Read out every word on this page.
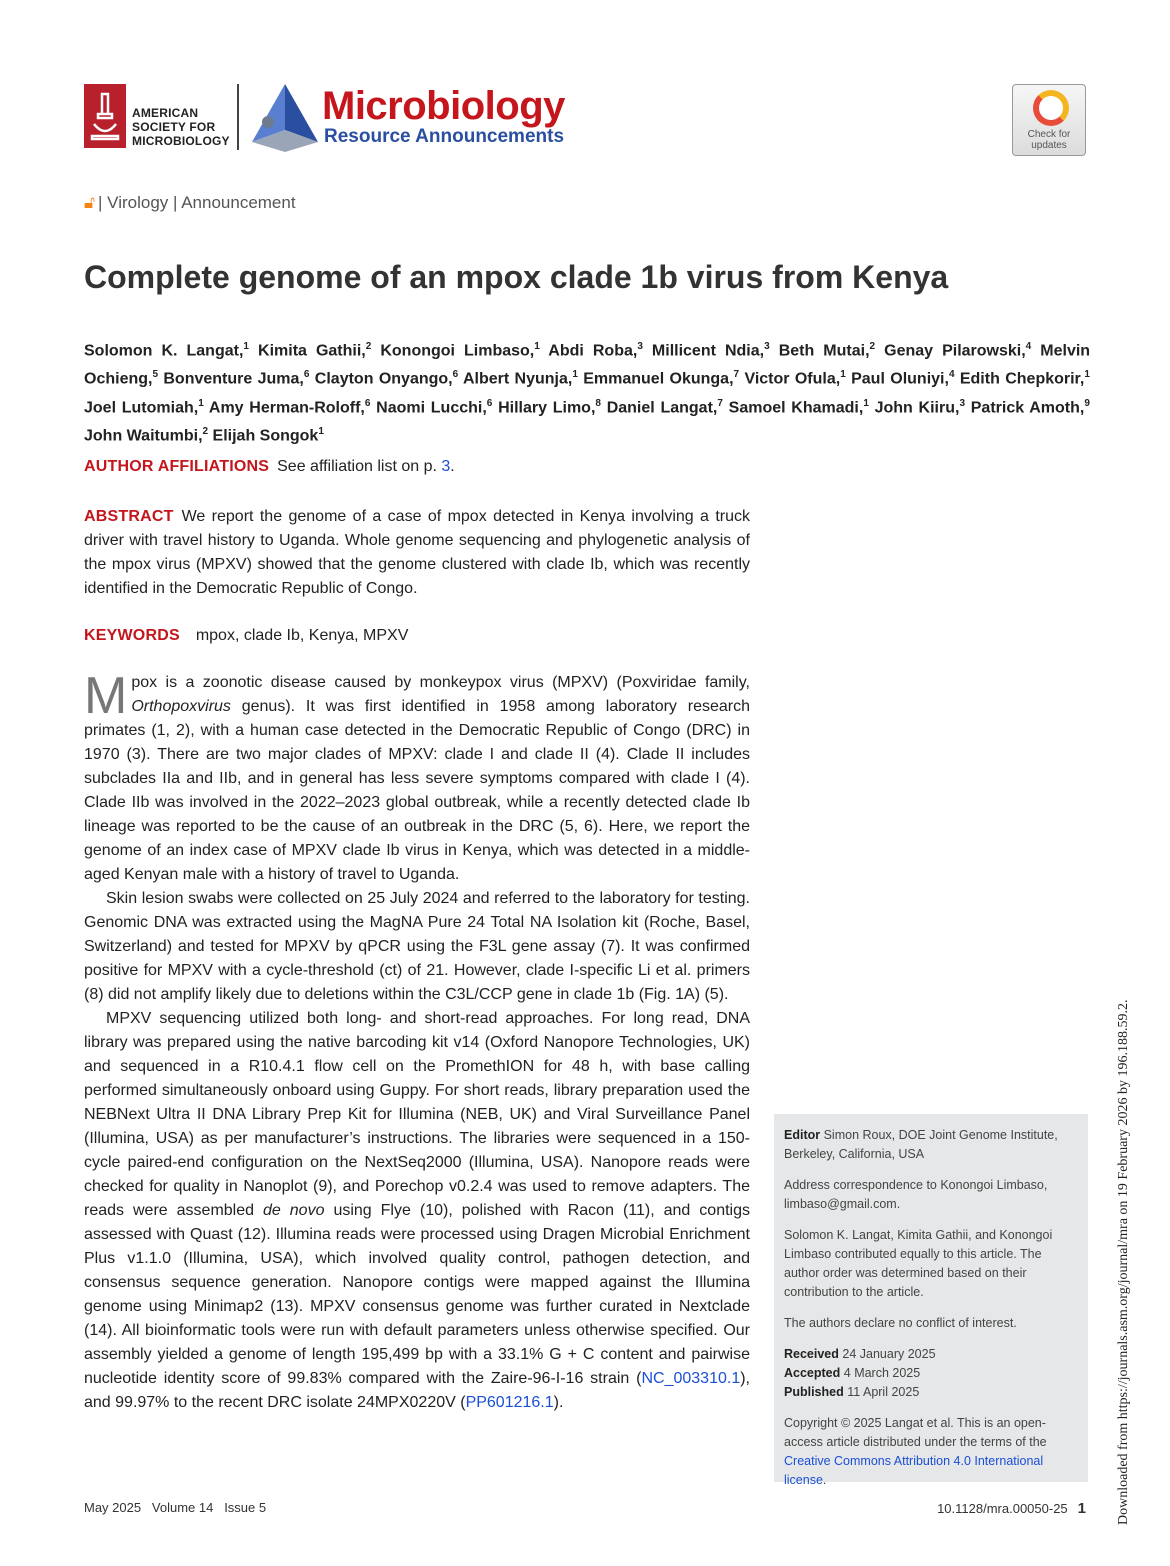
AMERICAN
SOCIETY FOR
MICROBIOLOGY
Microbiology
Resource Announcements	Check for
updates
🔓︎ | Virology | Announcement
Complete genome of an mpox clade 1b virus from Kenya

Solomon K. Langat,$^1$ Kimita Gathii,$^2$ Konongoi Limbaso,$^1$ Abdi Roba,$^3$ Millicent Ndia,$^3$ Beth Mutai,$^2$ Genay Pilarowski,$^4$ Melvin Ochieng,$^5$ Bonventure Juma,$^6$ Clayton Onyango,$^6$ Albert Nyunja,$^1$ Emmanuel Okunga,$^7$ Victor Ofula,$^1$ Paul Oluniyi,$^4$ Edith Chepkorir,$^1$ Joel Lutomiah,$^1$ Amy Herman-Roloff,$^6$ Naomi Lucchi,$^6$ Hillary Limo,$^8$ Daniel Langat,$^7$ Samoel Khamadi,$^1$ John Kiiru,$^3$ Patrick Amoth,$^9$ John Waitumbi,$^2$ Elijah Songok$^1$

AUTHOR AFFILIATIONS See affiliation list on p. 3.

ABSTRACT We report the genome of a case of mpox detected in Kenya involving a truck driver with travel history to Uganda. Whole genome sequencing and phylogenetic analysis of the mpox virus (MPXV) showed that the genome clustered with clade Ib, which was recently identified in the Democratic Republic of Congo.

KEYWORDS mpox, clade Ib, Kenya, MPXV

Mpox is a zoonotic disease caused by monkeypox virus (MPXV) (Poxviridae family, Orthopoxvirus genus). It was first identified in 1958 among laboratory research primates (1, 2), with a human case detected in the Democratic Republic of Congo (DRC) in 1970 (3). There are two major clades of MPXV: clade I and clade II (4). Clade II includes subclades IIa and IIb, and in general has less severe symptoms compared with clade I (4). Clade IIb was involved in the 2022–2023 global outbreak, while a recently detected clade Ib lineage was reported to be the cause of an outbreak in the DRC (5, 6). Here, we report the genome of an index case of MPXV clade Ib virus in Kenya, which was detected in a middle-aged Kenyan male with a history of travel to Uganda.

Skin lesion swabs were collected on 25 July 2024 and referred to the laboratory for testing. Genomic DNA was extracted using the MagNA Pure 24 Total NA Isolation kit (Roche, Basel, Switzerland) and tested for MPXV by qPCR using the F3L gene assay (7). It was confirmed positive for MPXV with a cycle-threshold (ct) of 21. However, clade I-specific Li et al. primers (8) did not amplify likely due to deletions within the C3L/CCP gene in clade 1b (Fig. 1A) (5).

MPXV sequencing utilized both long- and short-read approaches. For long read, DNA library was prepared using the native barcoding kit v14 (Oxford Nanopore Technologies, UK) and sequenced in a R10.4.1 flow cell on the PromethION for 48 h, with base calling performed simultaneously onboard using Guppy. For short reads, library preparation used the NEBNext Ultra II DNA Library Prep Kit for Illumina (NEB, UK) and Viral Surveillance Panel (Illumina, USA) as per manufacturer’s instructions. The libraries were sequenced in a 150-cycle paired-end configuration on the NextSeq2000 (Illumina, USA). Nanopore reads were checked for quality in Nanoplot (9), and Porechop v0.2.4 was used to remove adapters. The reads were assembled de novo using Flye (10), polished with Racon (11), and contigs assessed with Quast (12). Illumina reads were processed using Dragen Microbial Enrichment Plus v1.1.0 (Illumina, USA), which involved quality control, pathogen detection, and consensus sequence generation. Nanopore contigs were mapped against the Illumina genome using Minimap2 (13). MPXV consensus genome was further curated in Nextclade (14). All bioinformatic tools were run with default parameters unless otherwise specified. Our assembly yielded a genome of length 195,499 bp with a 33.1% G + C content and pairwise nucleotide identity score of 99.83% compared with the Zaire-96-I-16 strain (NC_003310.1), and 99.97% to the recent DRC isolate 24MPX0220V (PP601216.1).

Editor Simon Roux, DOE Joint Genome Institute, Berkeley, California, USA

Address correspondence to Konongoi Limbaso, limbaso@gmail.com.

Solomon K. Langat, Kimita Gathii, and Konongoi Limbaso contributed equally to this article. The author order was determined based on their contribution to the article.

The authors declare no conflict of interest.

Received 24 January 2025

Accepted 4 March 2025

Published 11 April 2025

Copyright © 2025 Langat et al. This is an open-access article distributed under the terms of the Creative Commons Attribution 4.0 International license.

May 2025   Volume 14   Issue 5	10.1128/mra.00050-25 1 Downloaded from https://journals.asm.org/journal/mra on 19 February 2026 by 196.188.59.2.
